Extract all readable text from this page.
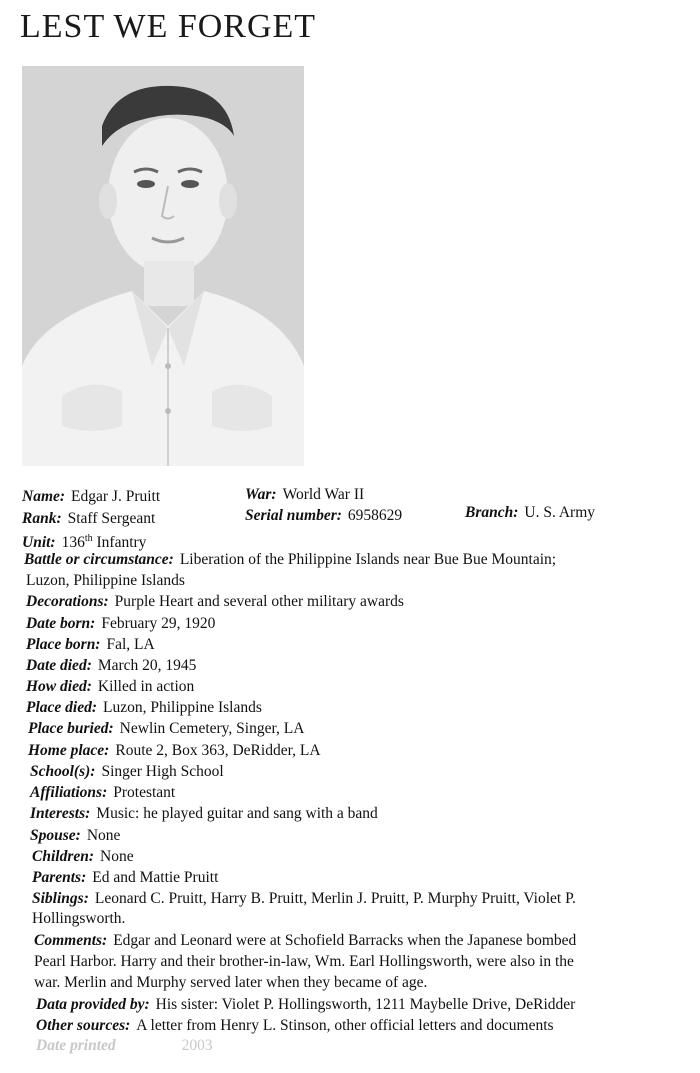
LEST WE FORGET
Name: Edgar J. Pruitt	War: World War II
Rank: Staff Sergeant	Serial number: 6958629	Branch: U. S. Army
Unit: 136th Infantry
Battle or circumstance: Liberation of the Philippine Islands near Bue Bue Mountain;
Luzon, Philippine Islands
Decorations: Purple Heart and several other military awards
Date born: February 29, 1920
Place born: Fal, LA
Date died: March 20, 1945
How died: Killed in action
Place died: Luzon, Philippine Islands
Place buried: Newlin Cemetery, Singer, LA
Home place: Route 2, Box 363, DeRidder, LA
School(s): Singer High School
Affiliations: Protestant
Interests: Music: he played guitar and sang with a band
Spouse: None
Children: None
Parents: Ed and Mattie Pruitt
Siblings: Leonard C. Pruitt, Harry B. Pruitt, Merlin J. Pruitt, P. Murphy Pruitt, Violet P.
Hollingsworth.
Comments: Edgar and Leonard were at Schofield Barracks when the Japanese bombed
Pearl Harbor. Harry and their brother-in-law, Wm. Earl Hollingsworth, were also in the
war. Merlin and Murphy served later when they became of age.
Data provided by: His sister: Violet P. Hollingsworth, 1211 Maybelle Drive, DeRidder
Other sources: A letter from Henry L. Stinson, other official letters and documents
Date printed	2003
